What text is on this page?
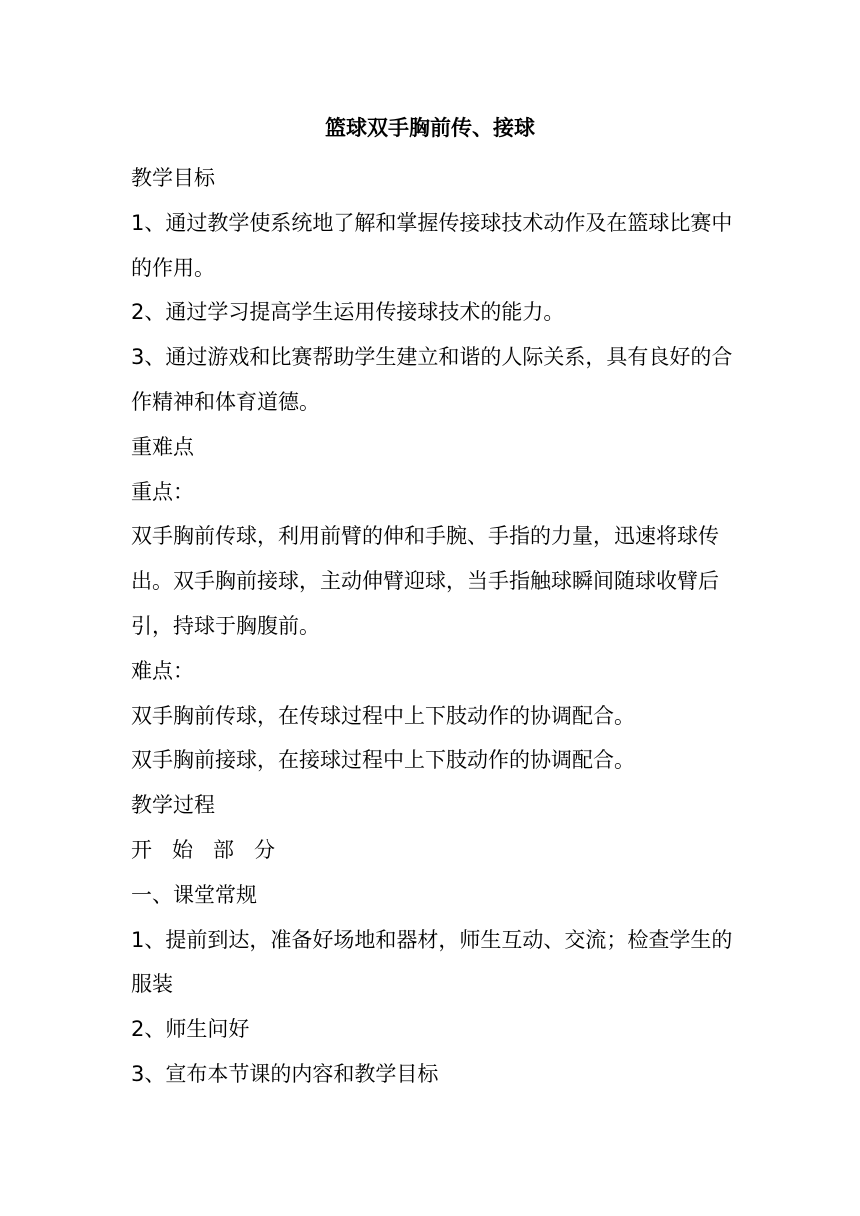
篮球双手胸前传、接球

教学目标

1、通过教学使系统地了解和掌握传接球技术动作及在篮球比赛中的作用。

2、通过学习提高学生运用传接球技术的能力。

3、通过游戏和比赛帮助学生建立和谐的人际关系，具有良好的合作精神和体育道德。

重难点

重点：

双手胸前传球，利用前臂的伸和手腕、手指的力量，迅速将球传出。双手胸前接球，主动伸臂迎球，当手指触球瞬间随球收臂后引，持球于胸腹前。

难点：

双手胸前传球，在传球过程中上下肢动作的协调配合。

双手胸前接球，在接球过程中上下肢动作的协调配合。

教学过程

开 始 部 分

一、课堂常规

1、提前到达，准备好场地和器材，师生互动、交流；检查学生的服装

2、师生问好

3、宣布本节课的内容和教学目标
